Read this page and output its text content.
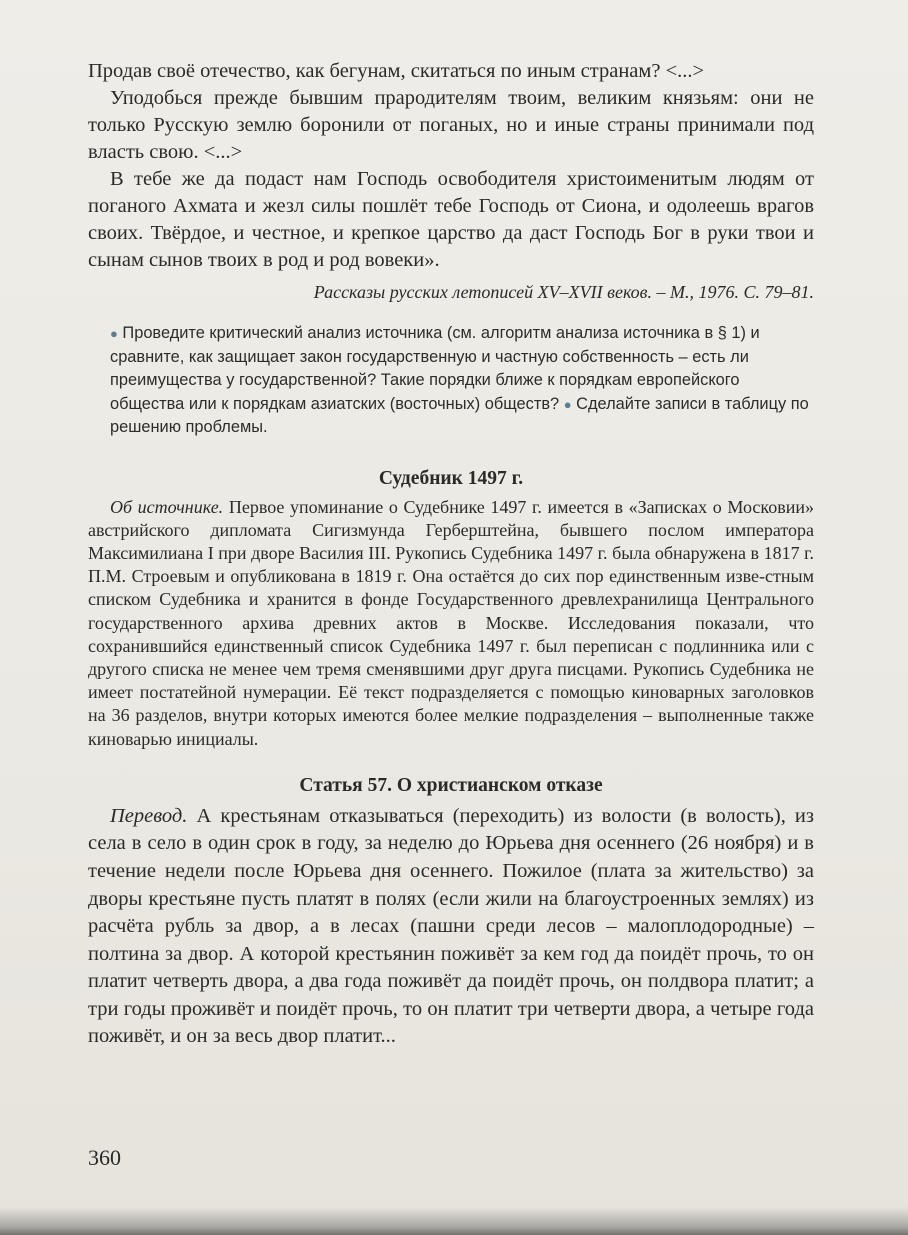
Продав своё отечество, как бегунам, скитаться по иным странам? <...>

Уподобься прежде бывшим прародителям твоим, великим князьям: они не только Русскую землю боронили от поганых, но и иные страны принимали под власть свою. <...>

В тебе же да подаст нам Господь освободителя христоименитым людям от поганого Ахмата и жезл силы пошлёт тебе Господь от Сиона, и одолеешь врагов своих. Твёрдое, и честное, и крепкое царство да даст Господь Бог в руки твои и сынам сынов твоих в род и род вовеки».

Рассказы русских летописей XV–XVII веков. – М., 1976. С. 79–81.
● Проведите критический анализ источника (см. алгоритм анализа источника в § 1) и сравните, как защищает закон государственную и частную собственность – есть ли преимущества у государственной? Такие порядки ближе к порядкам европейского общества или к порядкам азиатских (восточных) обществ? ● Сделайте записи в таблицу по решению проблемы.
Судебник 1497 г.

Об источнике. Первое упоминание о Судебнике 1497 г. имеется в «Записках о Московии» австрийского дипломата Сигизмунда Герберштейна, бывшего послом императора Максимилиана I при дворе Василия III. Рукопись Судебника 1497 г. была обнаружена в 1817 г. П.М. Строевым и опубликована в 1819 г. Она остаётся до сих пор единственным изве-стным списком Судебника и хранится в фонде Государственного древлехранилища Центрального государственного архива древних актов в Москве. Исследования показали, что сохранившийся единственный список Судебника 1497 г. был переписан с подлинника или с другого списка не менее чем тремя сменявшими друг друга писцами. Рукопись Судебника не имеет постатейной нумерации. Её текст подразделяется с помощью киноварных заголовков на 36 разделов, внутри которых имеются более мелкие подразделения – выполненные также киноварью инициалы.

Статья 57. О христианском отказе

Перевод. А крестьянам отказываться (переходить) из волости (в волость), из села в село в один срок в году, за неделю до Юрьева дня осеннего (26 ноября) и в течение недели после Юрьева дня осеннего. Пожилое (плата за жительство) за дворы крестьяне пусть платят в полях (если жили на благоустроенных землях) из расчёта рубль за двор, а в лесах (пашни среди лесов – малоплодородные) – полтина за двор. А которой крестьянин поживёт за кем год да поидёт прочь, то он платит четверть двора, а два года поживёт да поидёт прочь, он полдвора платит; а три годы проживёт и поидёт прочь, то он платит три четверти двора, а четыре года поживёт, и он за весь двор платит...

360
